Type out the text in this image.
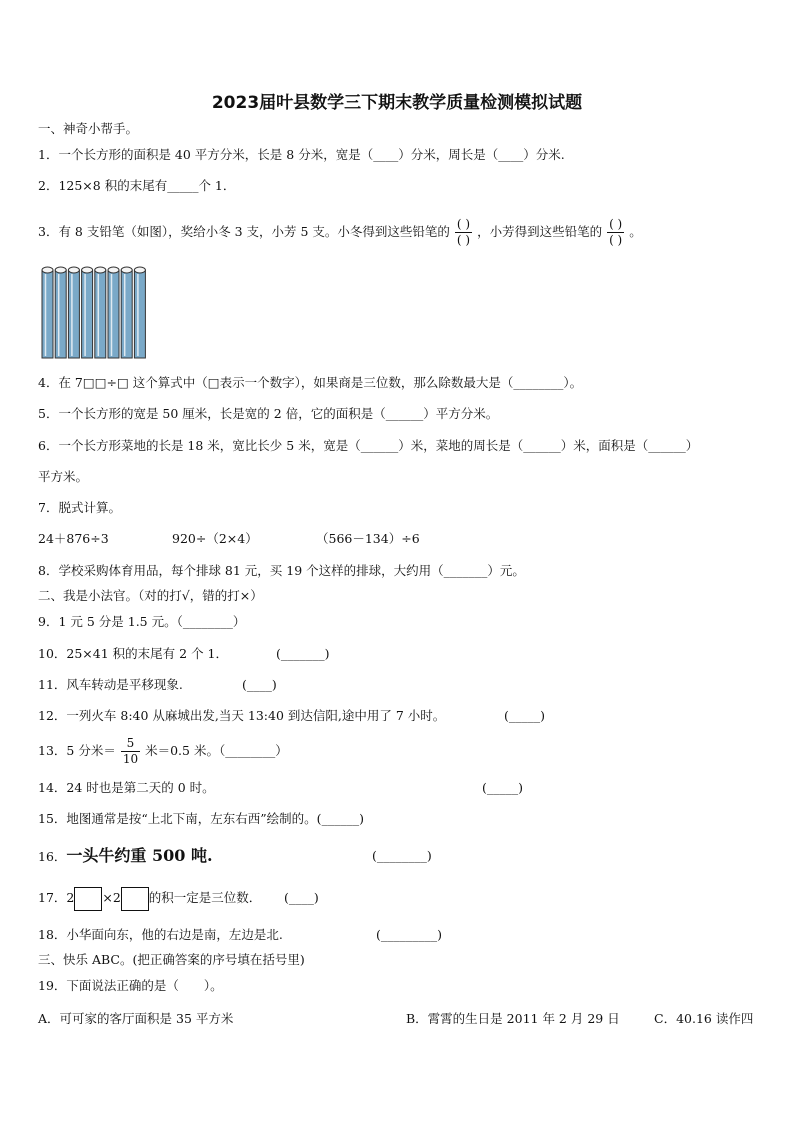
2023届叶县数学三下期末教学质量检测模拟试题
一、神奇小帮手。
1．一个长方形的面积是 40 平方分米，长是 8 分米，宽是（____）分米，周长是（____）分米.
2．125×8 积的末尾有_____个 1．
3．有 8 支铅笔（如图），奖给小冬 3 支，小芳 5 支。小冬得到这些铅笔的 $\frac{( )}{( )}$ ，小芳得到这些铅笔的 $\frac{( )}{( )}$ 。
4．在 7□□÷□ 这个算式中（□表示一个数字），如果商是三位数，那么除数最大是（________）。
5．一个长方形的宽是 50 厘米，长是宽的 2 倍，它的面积是（______）平方分米。
6．一个长方形菜地的长是 18 米，宽比长少 5 米，宽是（______）米，菜地的周长是（______）米，面积是（______）
平方米。
7．脱式计算。
24＋876÷3	920÷（2×4）	（566－134）÷6
8．学校采购体育用品，每个排球 81 元，买 19 个这样的排球，大约用（_______）元。
二、我是小法官。（对的打√，错的打×）
9．1 元 5 分是 1.5 元。（________）
10．25×41 积的末尾有 2 个 1．	(_______)
11．风车转动是平移现象.	(____)
12．一列火车 8:40 从麻城出发,当天 13:40 到达信阳,途中用了 7 小时。	(_____)
13．5 分米＝ $\frac{5}{10}$ 米＝0.5 米。（________）
14．24 时也是第二天的 0 时。	(_____)
15．地图通常是按“上北下南，左东右西”绘制的。(______)
16．一头牛约重 500 吨.	(________)
17．2 ×2 的积一定是三位数． (____)
18．小华面向东，他的右边是南，左边是北.	(_________)
三、快乐 ABC。(把正确答案的序号填在括号里)
19．下面说法正确的是（　　）。
A．可可家的客厅面积是 35 平方米	B．霄霄的生日是 2011 年 2 月 29 日	C．40.16 读作四
